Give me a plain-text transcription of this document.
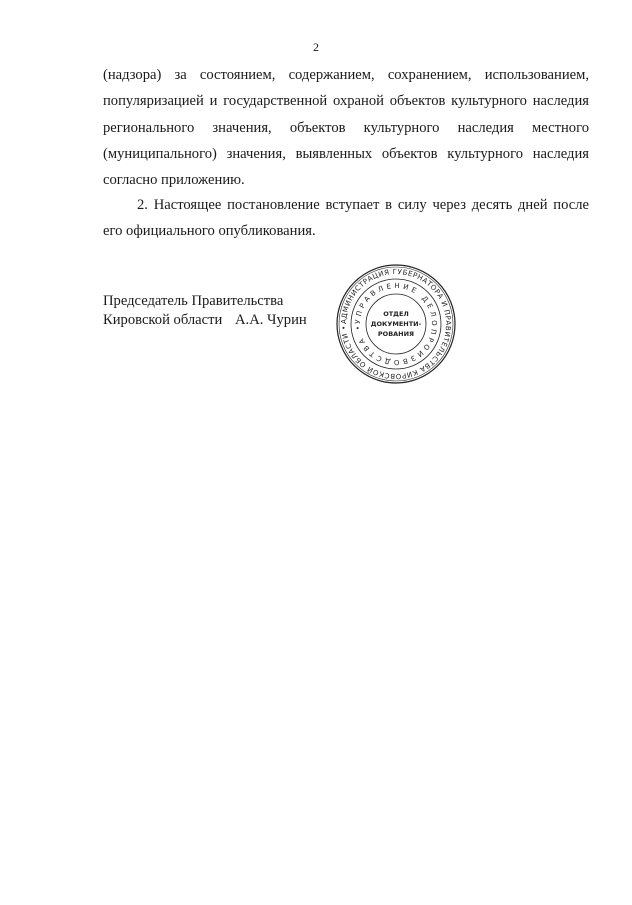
2
(надзора) за состоянием, содержанием, сохранением, использованием,
популяризацией и государственной охраной объектов культурного наследия
регионального значения, объектов культурного наследия местного
(муниципального) значения, выявленных объектов культурного наследия
согласно приложению.
2. Настоящее постановление вступает в силу через десять дней после
его официального опубликования.
Председатель Правительства
Кировской области А.А. Чурин	АДМИНИСТРАЦИЯ ГУБЕРНАТОРА И ПРАВИТЕЛЬСТВА КИРОВСКОЙ ОБЛАСТИ •
УПРАВЛЕНИЕ ДЕЛОПРОИЗВОДСТВА •
ОТДЕЛ
ДОКУМЕНТИ-
РОВАНИЯ
